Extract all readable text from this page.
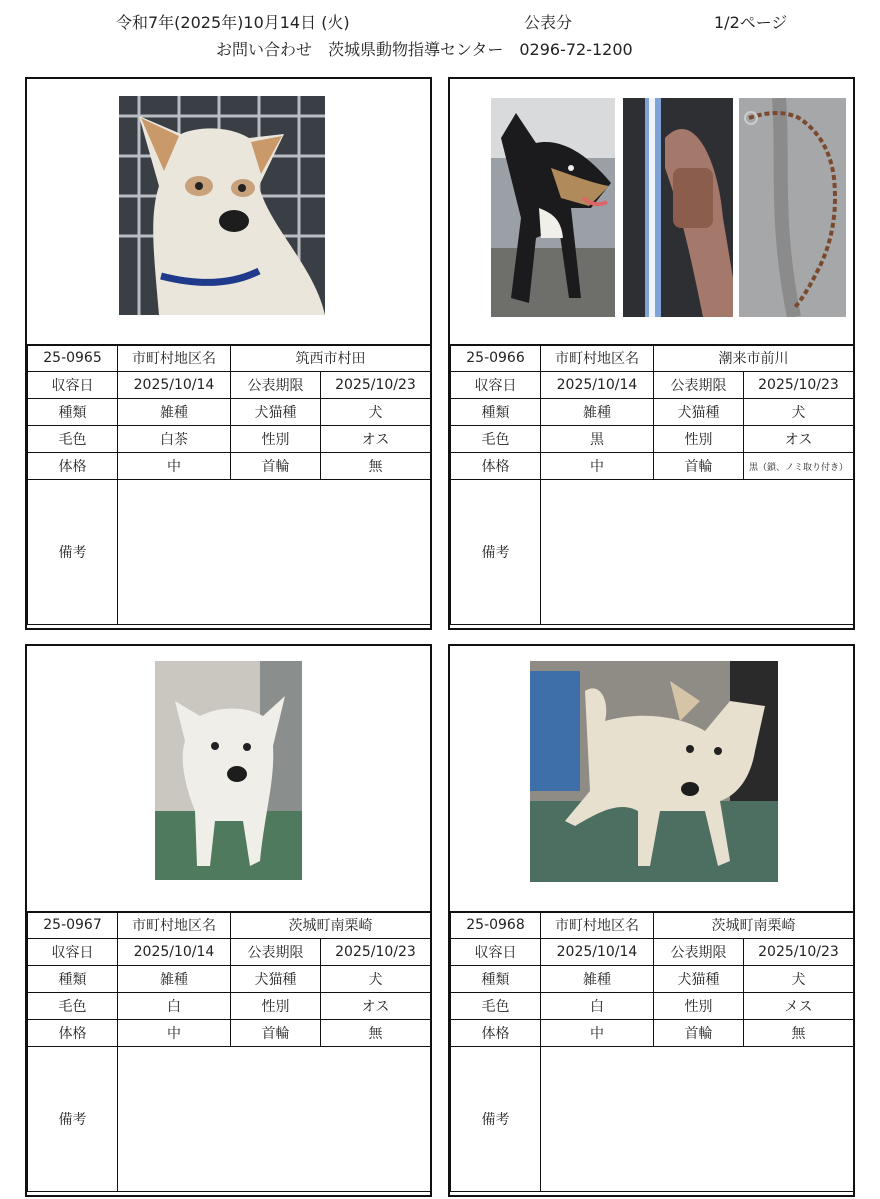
令和7年(2025年)10月14日 (火)	公表分	1/2ページ
お問い合わせ　茨城県動物指導センター　0296-72-1200
25-0965	市町村地区名	筑西市村田	
収容日	2025/10/14	公表期限	2025/10/23
種類	雑種	犬猫種	犬
毛色	白茶	性別	オス
体格	中	首輪	無
備考			
25-0966	市町村地区名	潮来市前川	
収容日	2025/10/14	公表期限	2025/10/23
種類	雑種	犬猫種	犬
毛色	黒	性別	オス
体格	中	首輪	黒（鎖、ノミ取り付き）
備考			
25-0967	市町村地区名	茨城町南栗崎	
収容日	2025/10/14	公表期限	2025/10/23
種類	雑種	犬猫種	犬
毛色	白	性別	オス
体格	中	首輪	無
備考			
25-0968	市町村地区名	茨城町南栗崎	
収容日	2025/10/14	公表期限	2025/10/23
種類	雑種	犬猫種	犬
毛色	白	性別	メス
体格	中	首輪	無
備考			
